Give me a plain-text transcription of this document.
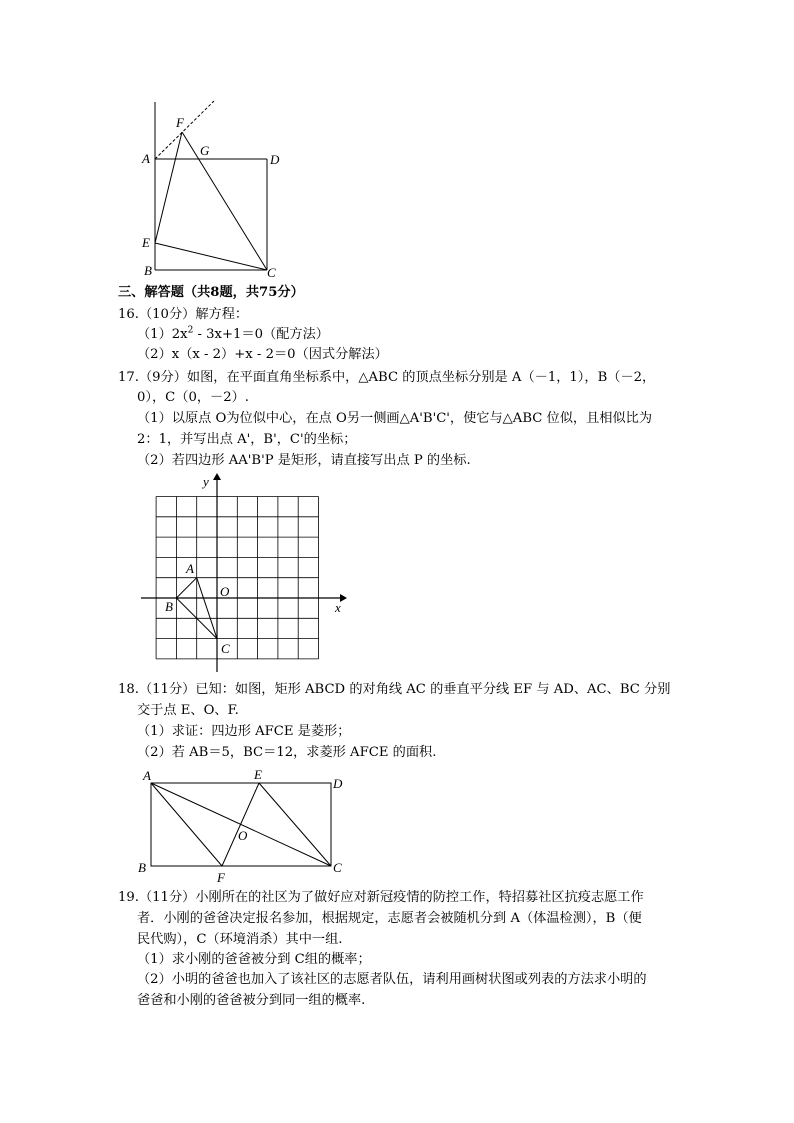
F
G
A	D
E
B	C
三、解答题（共8题，共75分）
16.（10分）解方程：
$(1)2x^2 - 3x+1=0$（配方法）
（2）x（x - 2）+x - 2＝0（因式分解法）
17.（9分）如图，在平面直角坐标系中，△ABC 的顶点坐标分别是 A（－1，1），B（－2，
0），C（0，－2）.
（1）以原点 O为位似中心，在点 O另一侧画△A'B'C'，使它与△ABC 位似，且相似比为
2：1，并写出点 A'，B'，C'的坐标；
（2）若四边形 AA'B'P 是矩形，请直接写出点 P 的坐标.
y
x
A
B
O
C
18.（11分）已知：如图，矩形 ABCD 的对角线 AC 的垂直平分线 EF 与 AD、AC、BC 分别
交于点 E、O、F.
（1）求证：四边形 AFCE 是菱形；
（2）若 AB＝5，BC＝12，求菱形 AFCE 的面积.
A	E
D
O
B
F
C
19.（11分）小刚所在的社区为了做好应对新冠疫情的防控工作，特招募社区抗疫志愿工作
者．小刚的爸爸决定报名参加，根据规定，志愿者会被随机分到 A（体温检测），B（便
民代购），C（环境消杀）其中一组.
（1）求小刚的爸爸被分到 C组的概率；
（2）小明的爸爸也加入了该社区的志愿者队伍，请利用画树状图或列表的方法求小明的
爸爸和小刚的爸爸被分到同一组的概率.
